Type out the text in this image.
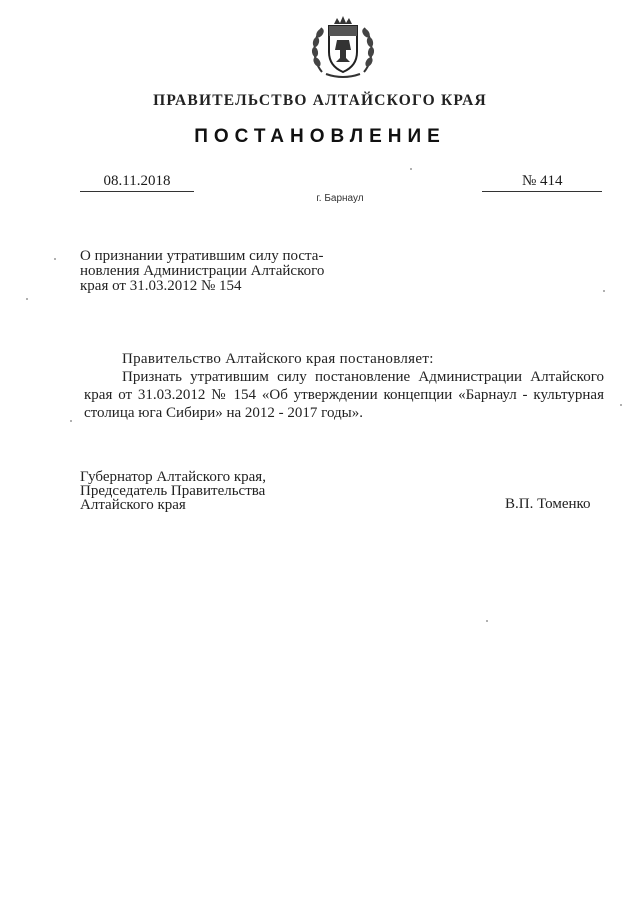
ПРАВИТЕЛЬСТВО АЛТАЙСКОГО КРАЯ
ПОСТАНОВЛЕНИЕ
08.11.2018	№ 414
г. Барнаул
О признании утратившим силу поста-
новления Администрации Алтайского
края от 31.03.2012 № 154
Правительство Алтайского края постановляет:
Признать утратившим силу постановление Администрации Алтайского края от 31.03.2012 № 154 «Об утверждении концепции «Барнаул - культурная столица юга Сибири» на 2012 - 2017 годы».
Губернатор Алтайского края,
Председатель Правительства
Алтайского края	В.П. Томенко
